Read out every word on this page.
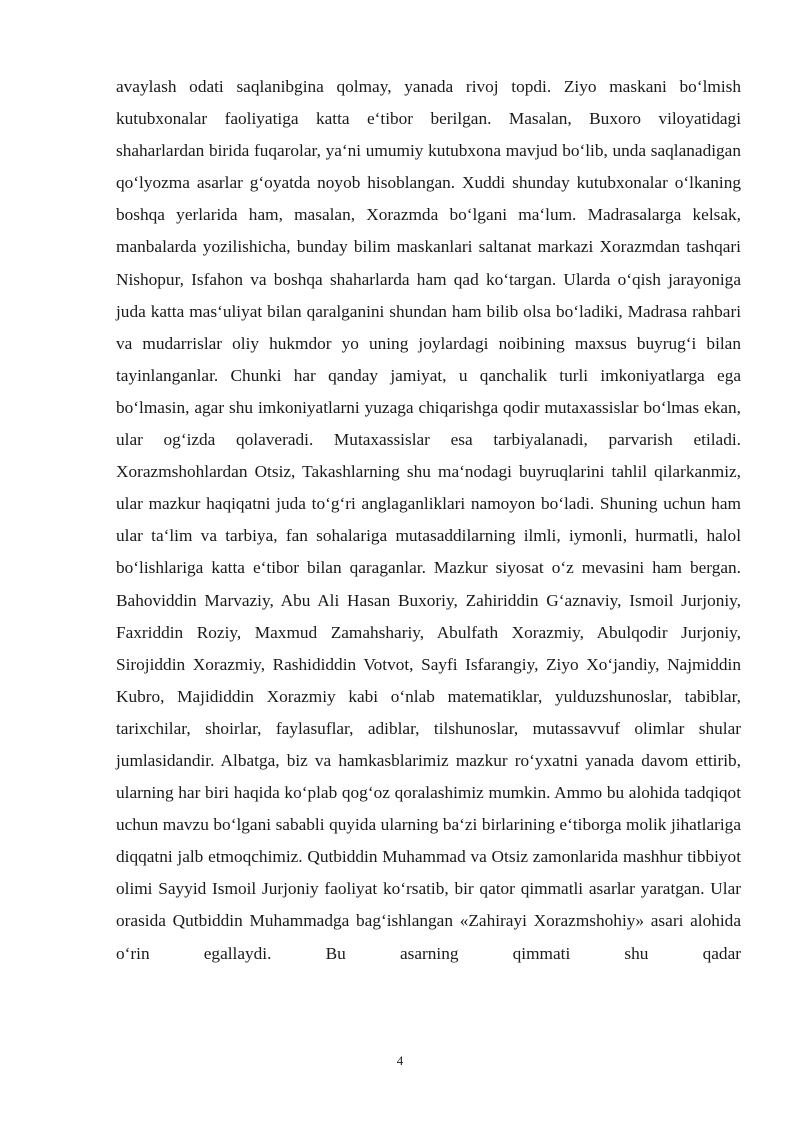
avaylash odati saqlanibgina qolmay, yanada rivoj topdi. Ziyo maskani boʻlmish kutubxonalar faoliyatiga katta eʻtibor berilgan. Masalan, Buxoro viloyatidagi shaharlardan birida fuqarolar, yaʻni umumiy kutubxona mavjud boʻlib, unda saqlanadigan qoʻlyozma asarlar gʻoyatda noyob hisoblangan. Xuddi shunday kutubxonalar oʻlkaning boshqa yerlarida ham, masalan, Xorazmda boʻlgani maʻlum. Madrasalarga kelsak, manbalarda yozilishicha, bunday bilim maskanlari saltanat markazi Xorazmdan tashqari Nishopur, Isfahon va boshqa shaharlarda ham qad koʻtargan. Ularda oʻqish jarayoniga juda katta masʻuliyat bilan qaralganini shundan ham bilib olsa boʻladiki, Madrasa rahbari va mudarrislar oliy hukmdor yo uning joylardagi noibining maxsus buyrugʻi bilan tayinlanganlar. Chunki har qanday jamiyat, u qanchalik turli imkoniyatlarga ega boʻlmasin, agar shu imkoniyatlarni yuzaga chiqarishga qodir mutaxassislar boʻlmas ekan, ular ogʻizda qolaveradi. Mutaxassislar esa tarbiyalanadi, parvarish etiladi. Xorazmshohlardan Otsiz, Takashlarning shu maʻnodagi buyruqlarini tahlil qilarkanmiz, ular mazkur haqiqatni juda toʻgʻri anglaganliklari namoyon boʻladi. Shuning uchun ham ular taʻlim va tarbiya, fan sohalariga mutasaddilarning ilmli, iymonli, hurmatli, halol boʻlishlariga katta eʻtibor bilan qaraganlar. Mazkur siyosat oʻz mevasini ham bergan. Bahoviddin Marvaziy, Abu Ali Hasan Buxoriy, Zahiriddin Gʻaznaviy, Ismoil Jurjoniy, Faxriddin Roziy, Maxmud Zamahshariy, Abulfath Xorazmiy, Abulqodir Jurjoniy, Sirojiddin Xorazmiy, Rashididdin Votvot, Sayfi Isfarangiy, Ziyo Xoʻjandiy, Najmiddin Kubro, Majididdin Xorazmiy kabi oʻnlab matematiklar, yulduzshunoslar, tabiblar, tarixchilar, shoirlar, faylasuflar, adiblar, tilshunoslar, mutassavvuf olimlar shular jumlasidandir. Albatga, biz va hamkasblarimiz mazkur roʻyxatni yanada davom ettirib, ularning har biri haqida koʻplab qogʻoz qoralashimiz mumkin. Ammo bu alohida tadqiqot uchun mavzu boʻlgani sababli quyida ularning baʻzi birlarining eʻtiborga molik jihatlariga diqqatni jalb etmoqchimiz. Qutbiddin Muhammad va Otsiz zamonlarida mashhur tibbiyot olimi Sayyid Ismoil Jurjoniy faoliyat koʻrsatib, bir qator qimmatli asarlar yaratgan. Ular orasida Qutbiddin Muhammadga bagʻishlangan «Zahirayi Xorazmshohiy» asari alohida oʻrin egallaydi. Bu asarning qimmati shu qadar

4
